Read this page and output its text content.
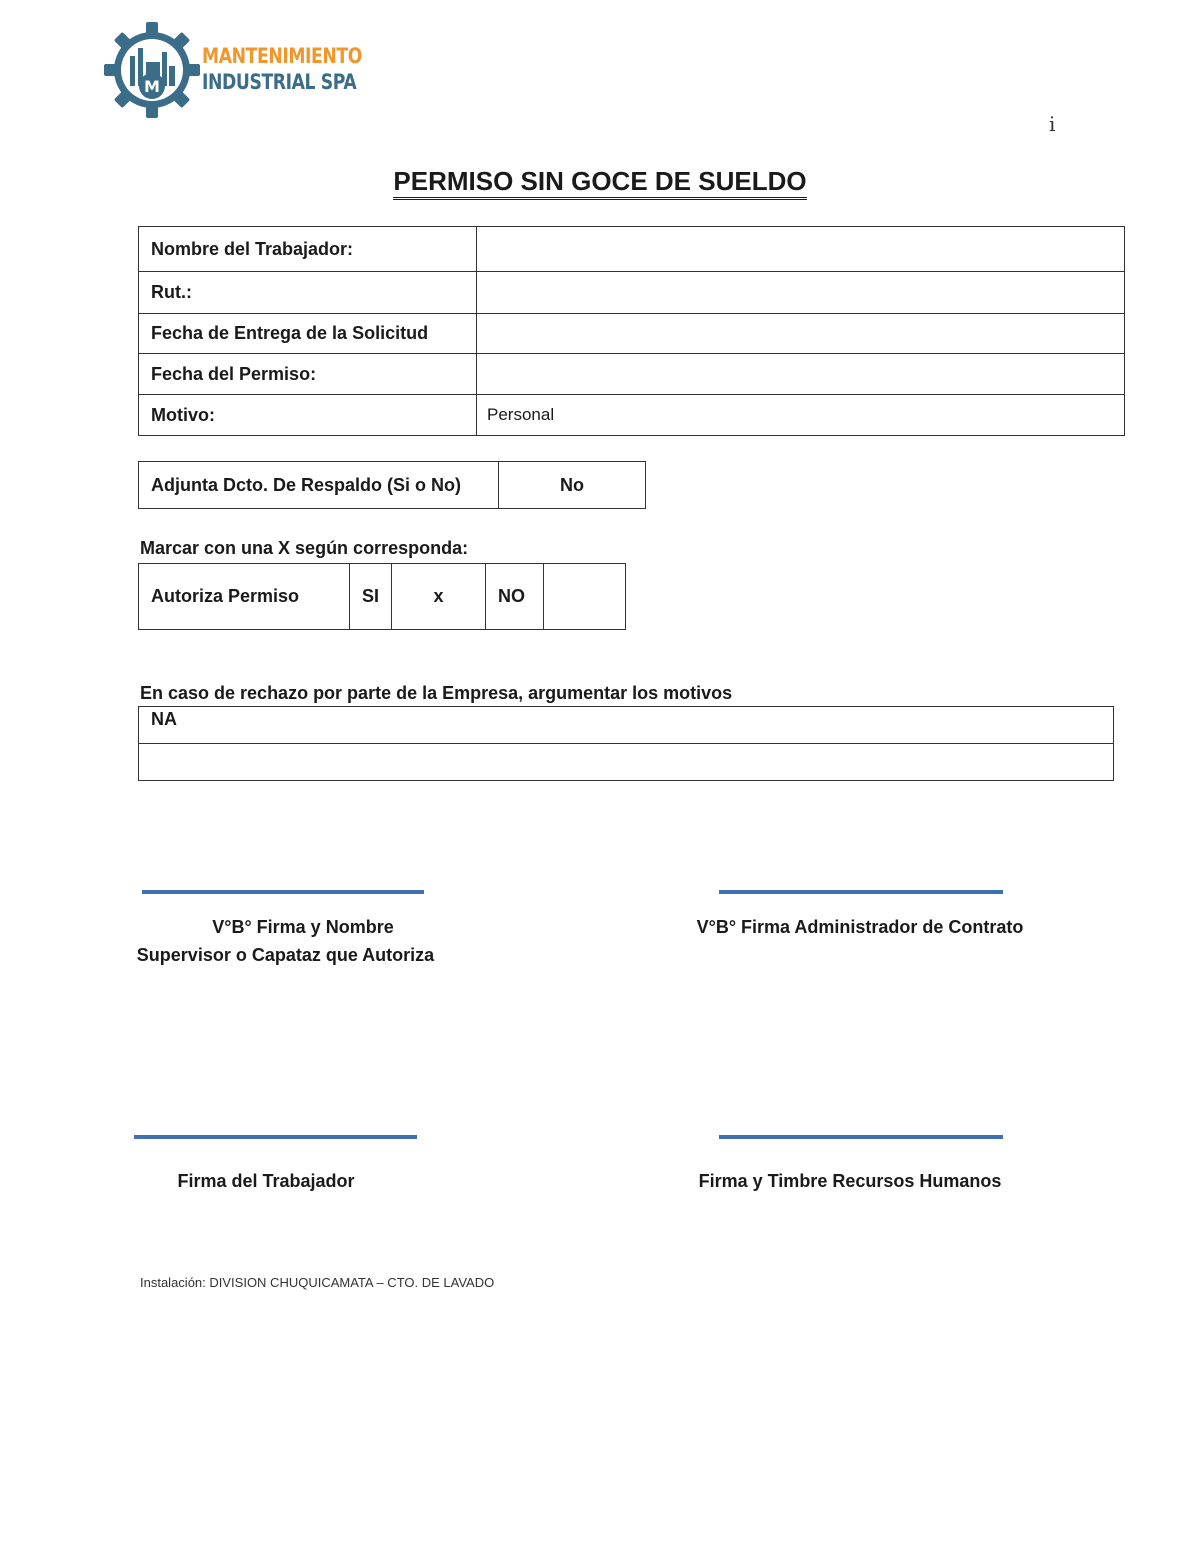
M
MANTENIMIENTO
INDUSTRIAL SPA
i
PERMISO SIN GOCE DE SUELDO
Nombre del Trabajador:	
Rut.:	
Fecha de Entrega de la Solicitud	
Fecha del Permiso:	
Motivo:	Personal
Adjunta Dcto. De Respaldo (Si o No)	No
Marcar con una X según corresponda:
Autoriza Permiso	SI	x	NO	
En caso de rechazo por parte de la Empresa, argumentar los motivos
NA

V°B° Firma y Nombre
Supervisor o Capataz que Autoriza
V°B° Firma Administrador de Contrato
Firma del Trabajador	Firma y Timbre Recursos Humanos
Instalación: DIVISION CHUQUICAMATA – CTO. DE LAVADO
